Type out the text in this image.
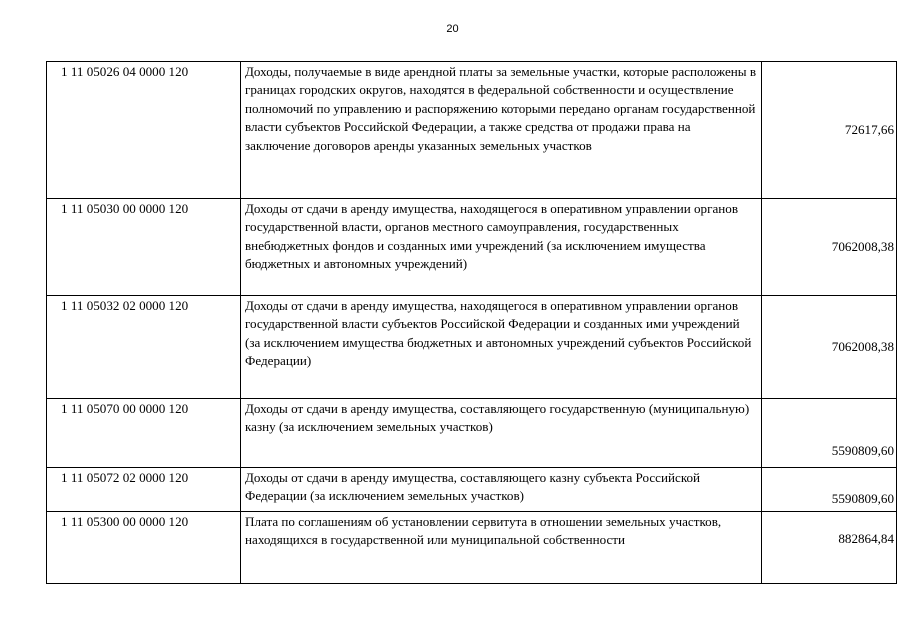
20
1 11 05026 04 0000 120	Доходы, получаемые в виде арендной платы за земельные участки, которые расположены в границах городских округов, находятся в федеральной собственности и осуществление полномочий по управлению и распоряжению которыми передано органам государственной власти субъектов Российской Федерации, а также средства от продажи права на заключение договоров аренды указанных земельных участков	72617,66
1 11 05030 00 0000 120	Доходы от сдачи в аренду имущества, находящегося в оперативном управлении органов государственной власти, органов местного самоуправления, государственных внебюджетных фондов и созданных ими учреждений (за исключением имущества бюджетных и автономных учреждений)	7062008,38
1 11 05032 02 0000 120	Доходы от сдачи в аренду имущества, находящегося в оперативном управлении органов государственной власти субъектов Российской Федерации и созданных ими учреждений (за исключением имущества бюджетных и автономных учреждений субъектов Российской Федерации)	7062008,38
1 11 05070 00 0000 120	Доходы от сдачи в аренду имущества, составляющего государственную (муниципальную) казну (за исключением земельных участков)	5590809,60
1 11 05072 02 0000 120	Доходы от сдачи в аренду имущества, составляющего казну субъекта Российской Федерации (за исключением земельных участков)	5590809,60
1 11 05300 00 0000 120	Плата по соглашениям об установлении сервитута в отношении земельных участков, находящихся в государственной или муниципальной собственности	882864,84
